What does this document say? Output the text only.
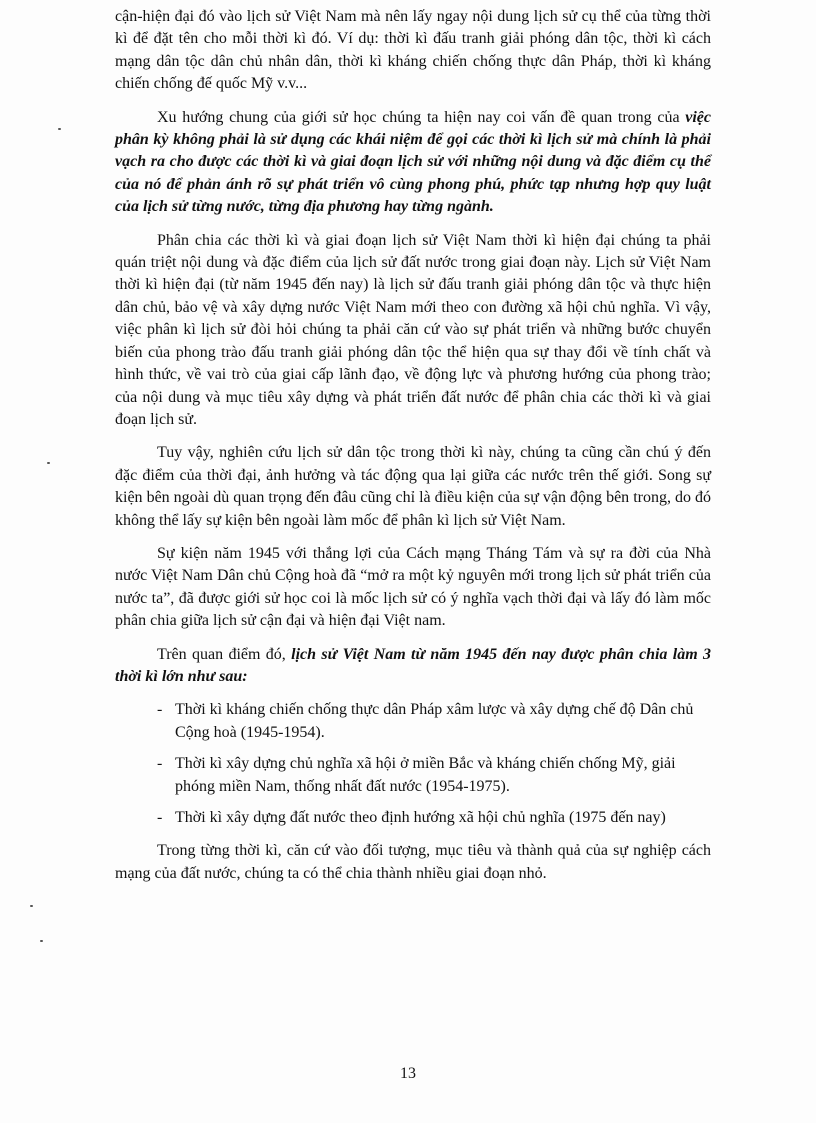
cận-hiện đại đó vào lịch sử Việt Nam mà nên lấy ngay nội dung lịch sử cụ thể của từng thời kì để đặt tên cho mỗi thời kì đó. Ví dụ: thời kì đấu tranh giải phóng dân tộc, thời kì cách mạng dân tộc dân chủ nhân dân, thời kì kháng chiến chống thực dân Pháp, thời kì kháng chiến chống đế quốc Mỹ v.v...

Xu hướng chung của giới sử học chúng ta hiện nay coi vấn đề quan trong của việc phân kỳ không phải là sử dụng các khái niệm để gọi các thời kì lịch sử mà chính là phải vạch ra cho được các thời kì và giai đoạn lịch sử với những nội dung và đặc điểm cụ thể của nó để phản ánh rõ sự phát triển vô cùng phong phú, phức tạp nhưng hợp quy luật của lịch sử từng nước, từng địa phương hay từng ngành.

Phân chia các thời kì và giai đoạn lịch sử Việt Nam thời kì hiện đại chúng ta phải quán triệt nội dung và đặc điểm của lịch sử đất nước trong giai đoạn này. Lịch sử Việt Nam thời kì hiện đại (từ năm 1945 đến nay) là lịch sử đấu tranh giải phóng dân tộc và thực hiện dân chủ, bảo vệ và xây dựng nước Việt Nam mới theo con đường xã hội chủ nghĩa. Vì vậy, việc phân kì lịch sử đòi hỏi chúng ta phải căn cứ vào sự phát triển và những bước chuyển biến của phong trào đấu tranh giải phóng dân tộc thể hiện qua sự thay đổi về tính chất và hình thức, về vai trò của giai cấp lãnh đạo, về động lực và phương hướng của phong trào; của nội dung và mục tiêu xây dựng và phát triển đất nước để phân chia các thời kì và giai đoạn lịch sử.

Tuy vậy, nghiên cứu lịch sử dân tộc trong thời kì này, chúng ta cũng cần chú ý đến đặc điểm của thời đại, ảnh hưởng và tác động qua lại giữa các nước trên thế giới. Song sự kiện bên ngoài dù quan trọng đến đâu cũng chỉ là điều kiện của sự vận động bên trong, do đó không thể lấy sự kiện bên ngoài làm mốc để phân kì lịch sử Việt Nam.

Sự kiện năm 1945 với thắng lợi của Cách mạng Tháng Tám và sự ra đời của Nhà nước Việt Nam Dân chủ Cộng hoà đã “mở ra một kỷ nguyên mới trong lịch sử phát triển của nước ta”, đã được giới sử học coi là mốc lịch sử có ý nghĩa vạch thời đại và lấy đó làm mốc phân chia giữa lịch sử cận đại và hiện đại Việt nam.

Trên quan điểm đó, lịch sử Việt Nam từ năm 1945 đến nay được phân chia làm 3 thời kì lớn như sau:

- Thời kì kháng chiến chống thực dân Pháp xâm lược và xây dựng chế độ Dân chủ Cộng hoà (1945-1954).
- Thời kì xây dựng chủ nghĩa xã hội ở miền Bắc và kháng chiến chống Mỹ, giải phóng miền Nam, thống nhất đất nước (1954-1975).
- Thời kì xây dựng đất nước theo định hướng xã hội chủ nghĩa (1975 đến nay)

Trong từng thời kì, căn cứ vào đối tượng, mục tiêu và thành quả của sự nghiệp cách mạng của đất nước, chúng ta có thể chia thành nhiều giai đoạn nhỏ.

13
